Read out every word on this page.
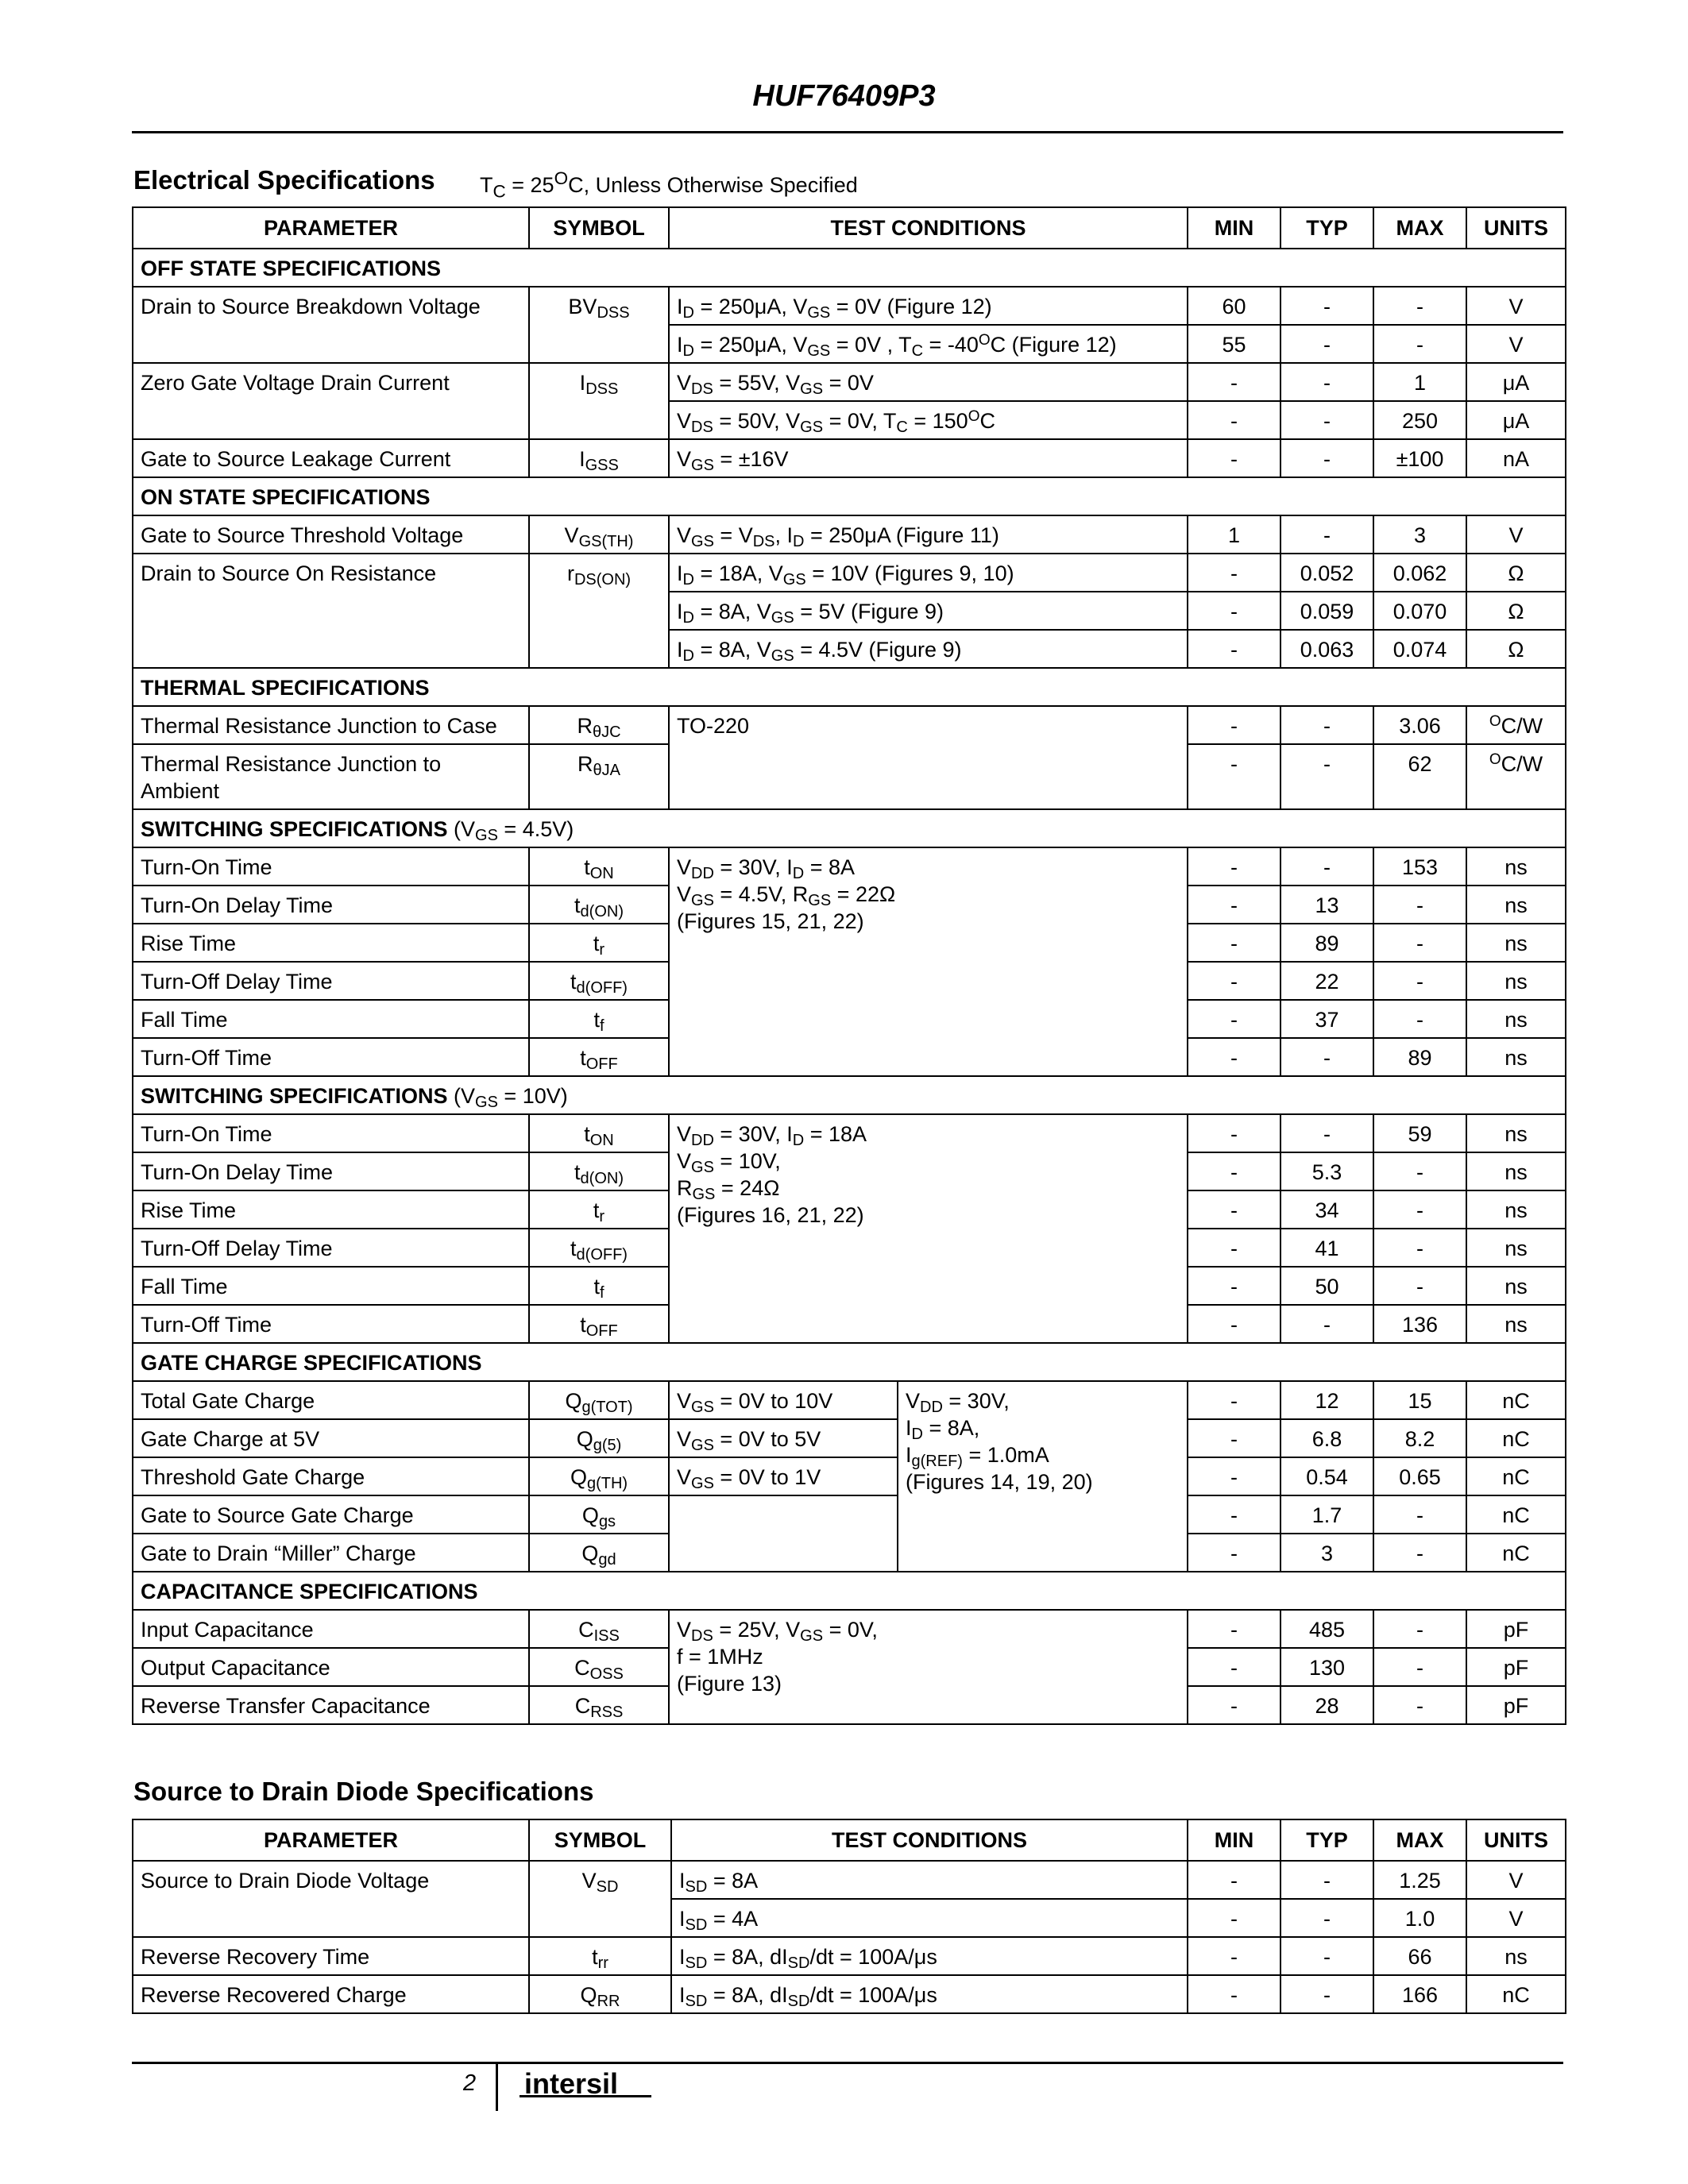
HUF76409P3
Electrical Specifications $T_C = 25^OC$, Unless Otherwise Specified
PARAMETER	SYMBOL	TEST CONDITIONS		MIN	TYP	MAX	UNITS
OFF STATE SPECIFICATIONS							
Drain to Source Breakdown Voltage	$BV_{DSS}$	$I_D = 250\mu A$, $V_{GS} = 0V$ (Figure 12)		60	-	-	V
		$I_D = 250\mu A$, $V_{GS} = 0V$ , $T_C = -40^OC$ (Figure 12)		55	-	-	V
Zero Gate Voltage Drain Current	$I_{DSS}$	$V_{DS} = 55V$, $V_{GS} = 0V$		-	-	1	μA
		$V_{DS} = 50V$, $V_{GS} = 0V$, $T_C = 150^OC$		-	-	250	μA
Gate to Source Leakage Current	$I_{GSS}$	$V_{GS} = \pm 16V$		-	-	±100	nA
ON STATE SPECIFICATIONS							
Gate to Source Threshold Voltage	$V_{GS(TH)}$	$V_{GS} = V_{DS}$, $I_D = 250\mu A$ (Figure 11)		1	-	3	V
Drain to Source On Resistance	$r_{DS(ON)}$	$I_D = 18A$, $V_{GS} = 10V$ (Figures 9, 10)		-	0.052	0.062	Ω
		$I_D = 8A$, $V_{GS} = 5V$ (Figure 9)		-	0.059	0.070	Ω
		$I_D = 8A$, $V_{GS} = 4.5V$ (Figure 9)		-	0.063	0.074	Ω
THERMAL SPECIFICATIONS							
Thermal Resistance Junction to Case	$R_{\theta JC}$	TO-220		-	-	3.06	$^O$C/W
Thermal Resistance Junction to Ambient	$R_{\theta JA}$			-	-	62	$^O$C/W
SWITCHING SPECIFICATIONS $(V_{GS} = 4.5V)$							
Turn-On Time	$t_{ON}$	$V_{DD} = 30V$, $I_D = 8A$
$V_{GS} = 4.5V$, $R_{GS} = 22\Omega$
(Figures 15, 21, 22)		-	-	153	ns
Turn-On Delay Time	$t_{d(ON)}$			-	13	-	ns
Rise Time	$t_r$			-	89	-	ns
Turn-Off Delay Time	$t_{d(OFF)}$			-	22	-	ns
Fall Time	$t_f$			-	37	-	ns
Turn-Off Time	$t_{OFF}$			-	-	89	ns
SWITCHING SPECIFICATIONS $(V_{GS} = 10V)$							
Turn-On Time	$t_{ON}$	$V_{DD} = 30V$, $I_D = 18A$
$V_{GS} = 10V$,
$R_{GS} = 24\Omega$
(Figures 16, 21, 22)		-	-	59	ns
Turn-On Delay Time	$t_{d(ON)}$			-	5.3	-	ns
Rise Time	$t_r$			-	34	-	ns
Turn-Off Delay Time	$t_{d(OFF)}$			-	41	-	ns
Fall Time	$t_f$			-	50	-	ns
Turn-Off Time	$t_{OFF}$			-	-	136	ns
GATE CHARGE SPECIFICATIONS							
Total Gate Charge	$Q_{g(TOT)}$	$V_{GS} = 0V$ to 10V	$V_{DD} = 30V$,
$I_D = 8A$,
$I_{g(REF)} = 1.0mA$
(Figures 14, 19, 20)	-	12	15	nC
Gate Charge at 5V	$Q_{g(5)}$	$V_{GS} = 0V$ to 5V		-	6.8	8.2	nC
Threshold Gate Charge	$Q_{g(TH)}$	$V_{GS} = 0V$ to 1V		-	0.54	0.65	nC
Gate to Source Gate Charge	$Q_{gs}$			-	1.7	-	nC
Gate to Drain “Miller” Charge	$Q_{gd}$			-	3	-	nC
CAPACITANCE SPECIFICATIONS							
Input Capacitance	$C_{ISS}$	$V_{DS} = 25V$, $V_{GS} = 0V$,
f = 1MHz
(Figure 13)		-	485	-	pF
Output Capacitance	$C_{OSS}$			-	130	-	pF
Reverse Transfer Capacitance	$C_{RSS}$			-	28	-	pF
Source to Drain Diode Specifications
PARAMETER	SYMBOL	TEST CONDITIONS	MIN	TYP	MAX	UNITS
Source to Drain Diode Voltage	$V_{SD}$	$I_{SD} = 8A$	-	-	1.25	V
		$I_{SD} = 4A$	-	-	1.0	V
Reverse Recovery Time	$t_{rr}$	$I_{SD} = 8A$, $dI_{SD}/dt = 100A/\mu s$	-	-	66	ns
Reverse Recovered Charge	$Q_{RR}$	$I_{SD} = 8A$, $dI_{SD}/dt = 100A/\mu s$	-	-	166	nC
2 intersil
